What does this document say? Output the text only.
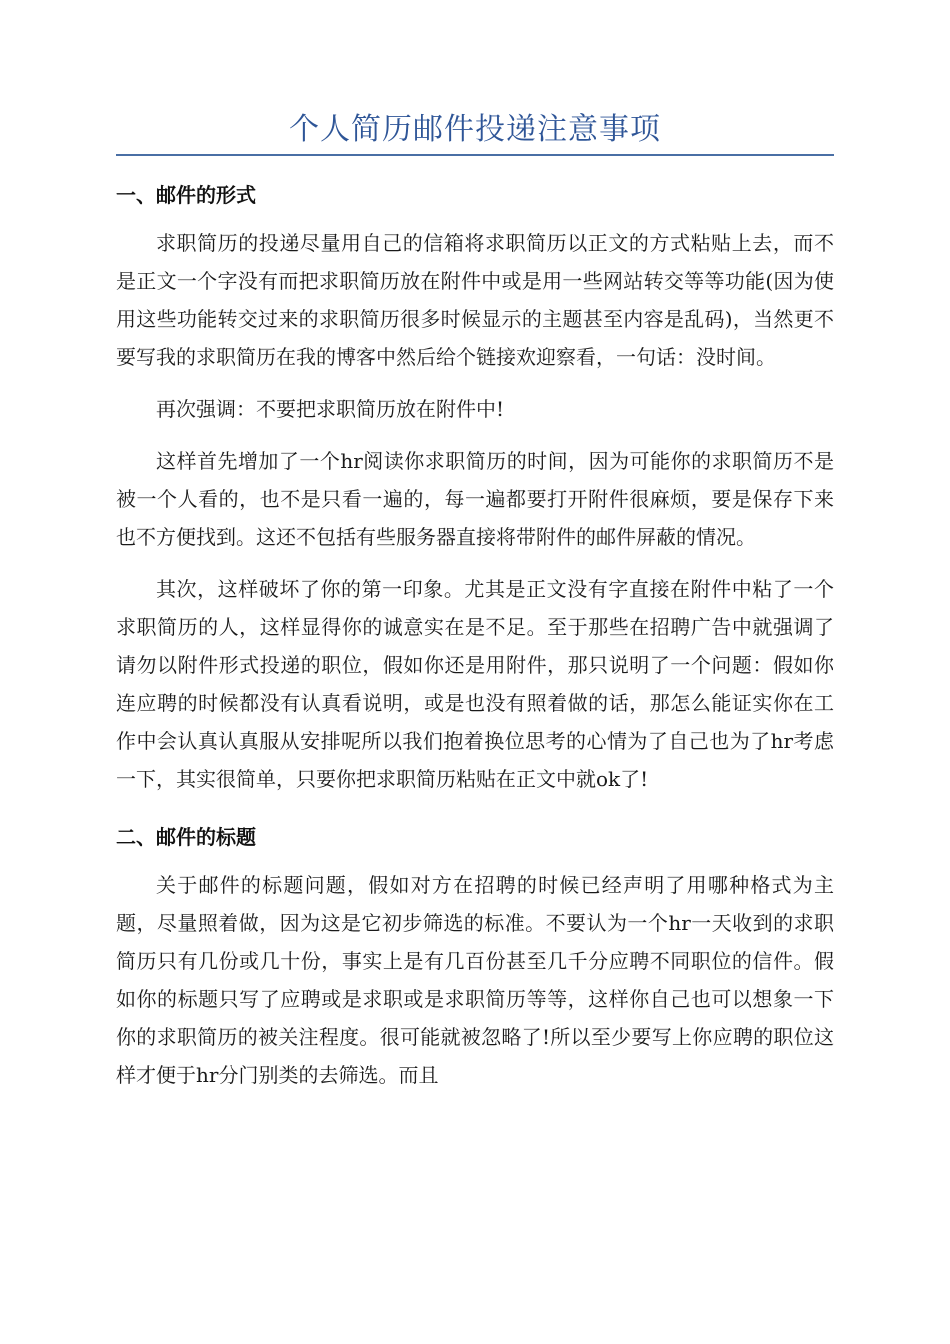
个人简历邮件投递注意事项
一、邮件的形式

求职简历的投递尽量用自己的信箱将求职简历以正文的方式粘贴上去，而不是正文一个字没有而把求职简历放在附件中或是用一些网站转交等等功能(因为使用这些功能转交过来的求职简历很多时候显示的主题甚至内容是乱码)，当然更不要写我的求职简历在我的博客中然后给个链接欢迎察看，一句话：没时间。

再次强调：不要把求职简历放在附件中!

这样首先增加了一个hr阅读你求职简历的时间，因为可能你的求职简历不是被一个人看的，也不是只看一遍的，每一遍都要打开附件很麻烦，要是保存下来也不方便找到。这还不包括有些服务器直接将带附件的邮件屏蔽的情况。

其次，这样破坏了你的第一印象。尤其是正文没有字直接在附件中粘了一个求职简历的人，这样显得你的诚意实在是不足。至于那些在招聘广告中就强调了请勿以附件形式投递的职位，假如你还是用附件，那只说明了一个问题：假如你连应聘的时候都没有认真看说明，或是也没有照着做的话，那怎么能证实你在工作中会认真认真服从安排呢所以我们抱着换位思考的心情为了自己也为了hr考虑一下，其实很简单，只要你把求职简历粘贴在正文中就ok了!

二、邮件的标题

关于邮件的标题问题，假如对方在招聘的时候已经声明了用哪种格式为主题，尽量照着做，因为这是它初步筛选的标准。不要认为一个hr一天收到的求职简历只有几份或几十份，事实上是有几百份甚至几千分应聘不同职位的信件。假如你的标题只写了应聘或是求职或是求职简历等等，这样你自己也可以想象一下你的求职简历的被关注程度。很可能就被忽略了!所以至少要写上你应聘的职位这样才便于hr分门别类的去筛选。而且
